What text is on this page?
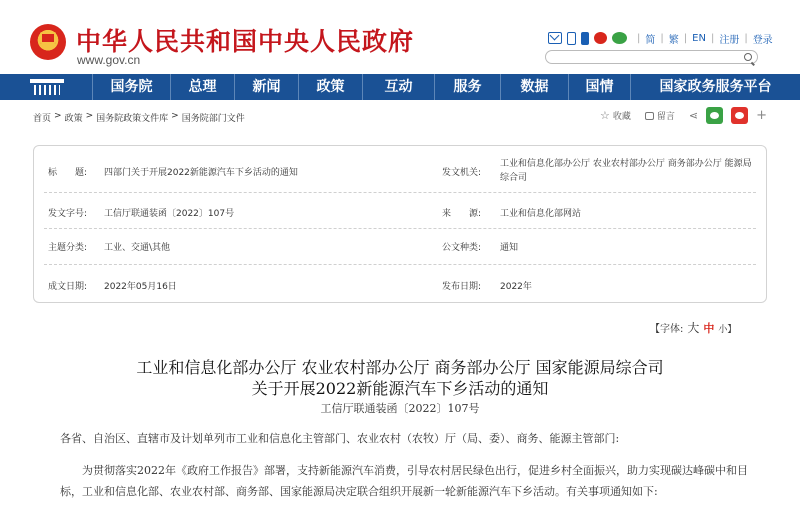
中华人民共和国中央人民政府
www.gov.cn
| 简 | 繁 | EN | 注册 | 登录
国务院	总理	新闻	政策	互动	服务	数据	国情	国家政务服务平台
首页 > 政策 > 国务院政策文件库 > 国务院部门文件	☆ 收藏	留言 ⋖	+
标　　题: 四部门关于开展2022新能源汽车下乡活动的通知	发文机关:
工业和信息化部办公厅 农业农村部办公厅 商务部办公厅 能源局综合司
发文字号: 工信厅联通装函〔2022〕107号	来　　源: 工业和信息化部网站
主题分类: 工业、交通\其他	公文种类: 通知
成文日期: 2022年05月16日	发布日期: 2022年
【字体: 大 中 小】
工业和信息化部办公厅 农业农村部办公厅 商务部办公厅 国家能源局综合司
关于开展2022新能源汽车下乡活动的通知
工信厅联通装函〔2022〕107号
各省、自治区、直辖市及计划单列市工业和信息化主管部门、农业农村（农牧）厅（局、委）、商务、能源主管部门:
　　为贯彻落实2022年《政府工作报告》部署，支持新能源汽车消费，引导农村居民绿色出行，促进乡村全面振兴，助力实现碳达峰碳中和目标，工业和信息化部、农业农村部、商务部、国家能源局决定联合组织开展新一轮新能源汽车下乡活动。有关事项通知如下:
